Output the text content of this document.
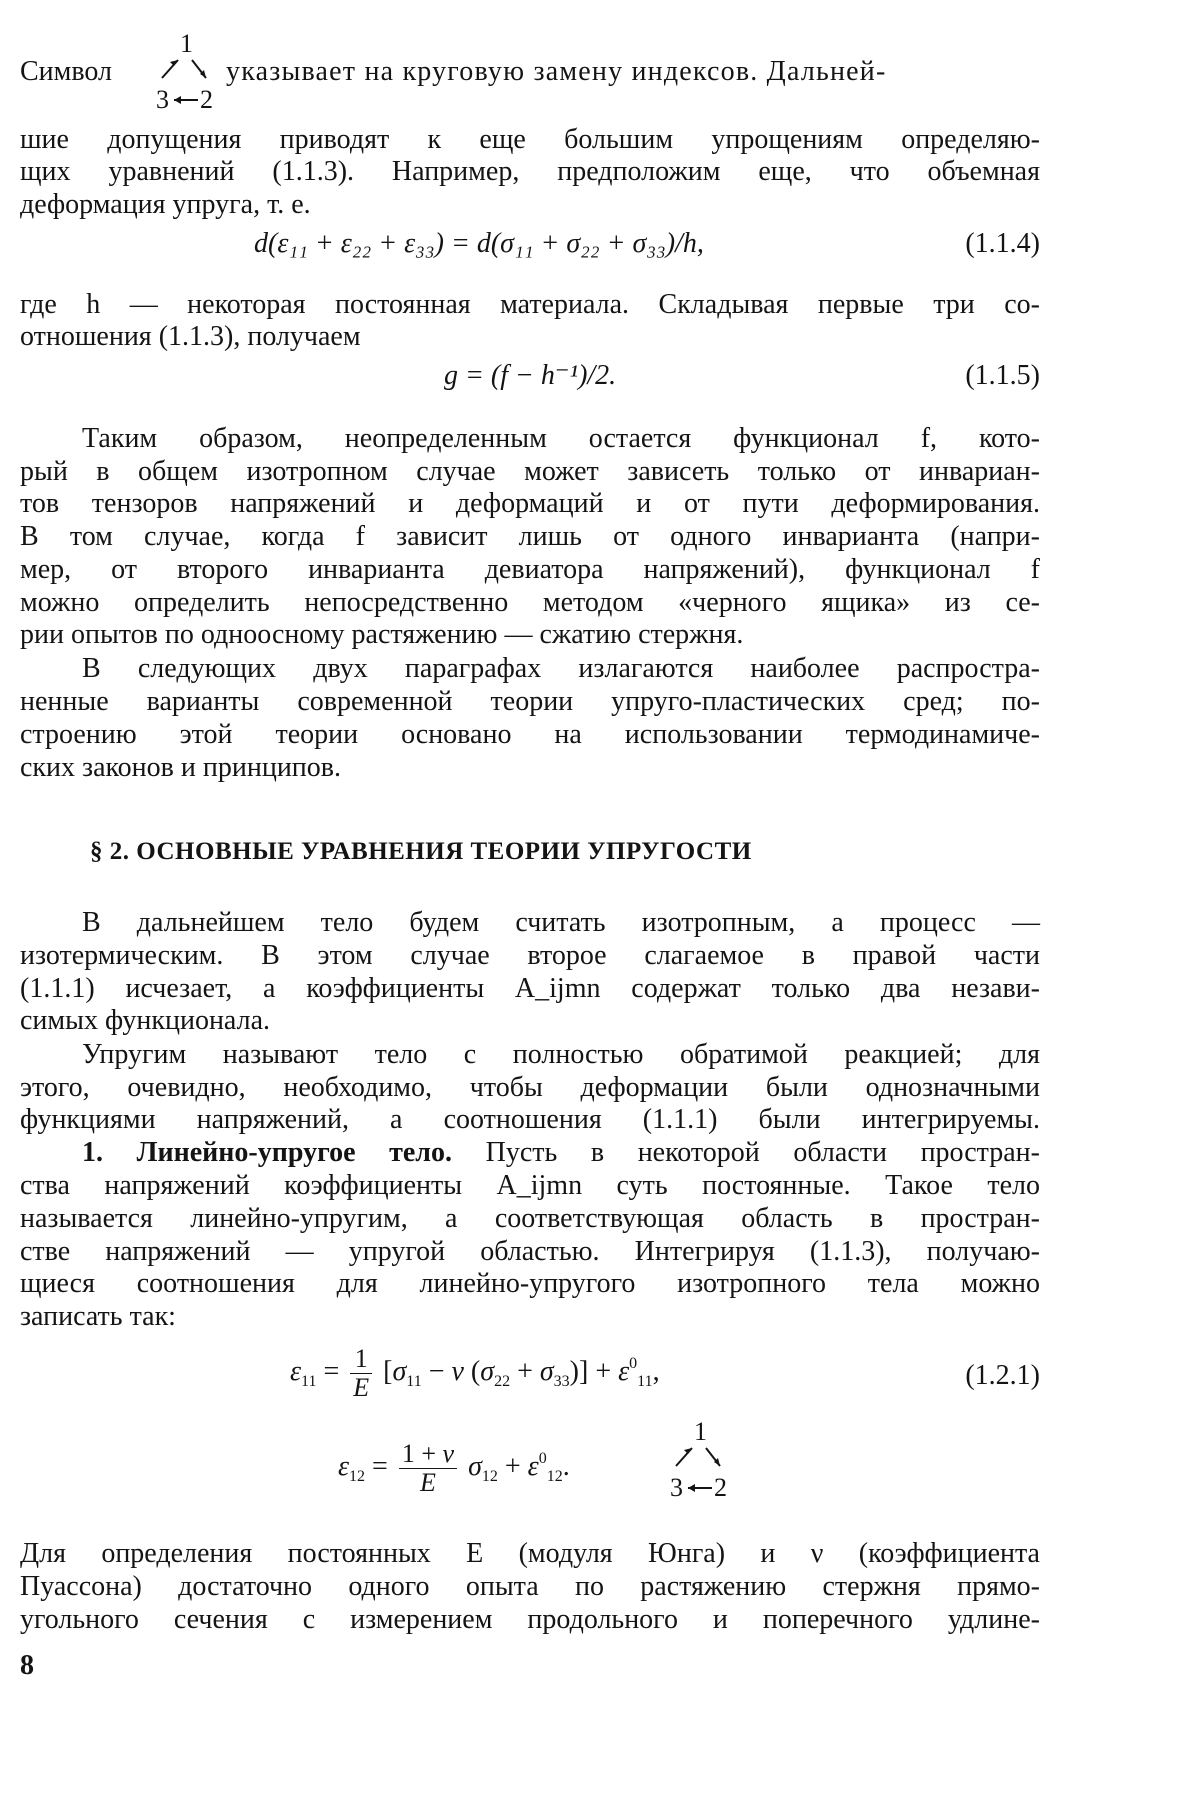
Символ	указывает на круговую замену индексов. Дальней-
1
3 2
шие допущения приводят к еще большим упрощениям определяю-
щих уравнений (1.1.3). Например, предположим еще, что объемная
деформация упруга, т. е.
d(ε₁₁ + ε₂₂ + ε₃₃) = d(σ₁₁ + σ₂₂ + σ₃₃)/h,	(1.1.4)
где h — некоторая постоянная материала. Складывая первые три со-
отношения (1.1.3), получаем
g = (f − h⁻¹)/2.	(1.1.5)
Таким образом, неопределенным остается функционал f, кото-
рый в общем изотропном случае может зависеть только от инвариан-
тов тензоров напряжений и деформаций и от пути деформирования.
В том случае, когда f зависит лишь от одного инварианта (напри-
мер, от второго инварианта девиатора напряжений), функционал f
можно определить непосредственно методом «черного ящика» из се-
рии опытов по одноосному растяжению — сжатию стержня.
В следующих двух параграфах излагаются наиболее распростра-
ненные варианты современной теории упруго-пластических сред; по-
строению этой теории основано на использовании термодинамиче-
ских законов и принципов.
§ 2. ОСНОВНЫЕ УРАВНЕНИЯ ТЕОРИИ УПРУГОСТИ
В дальнейшем тело будем считать изотропным, а процесс —
изотермическим. В этом случае второе слагаемое в правой части
(1.1.1) исчезает, а коэффициенты A_ijmn содержат только два незави-
симых функционала.
Упругим называют тело с полностью обратимой реакцией; для
этого, очевидно, необходимо, чтобы деформации были однозначными
функциями напряжений, а соотношения (1.1.1) были интегрируемы.
1. Линейно-упругое тело. Пусть в некоторой области простран-
ства напряжений коэффициенты A_ijmn суть постоянные. Такое тело
называется линейно-упругим, а соответствующая область в простран-
стве напряжений — упругой областью. Интегрируя (1.1.3), получаю-
щиеся соотношения для линейно-упругого изотропного тела можно
записать так:
ε11 = 1
E
[σ11 − ν (σ22 + σ33)] + ε011,	(1.2.1)
ε12 = 1 + ν
E
σ12 + ε012.
1
3 2
Для определения постоянных E (модуля Юнга) и ν (коэффициента
Пуассона) достаточно одного опыта по растяжению стержня прямо-
угольного сечения с измерением продольного и поперечного удлине-
8
